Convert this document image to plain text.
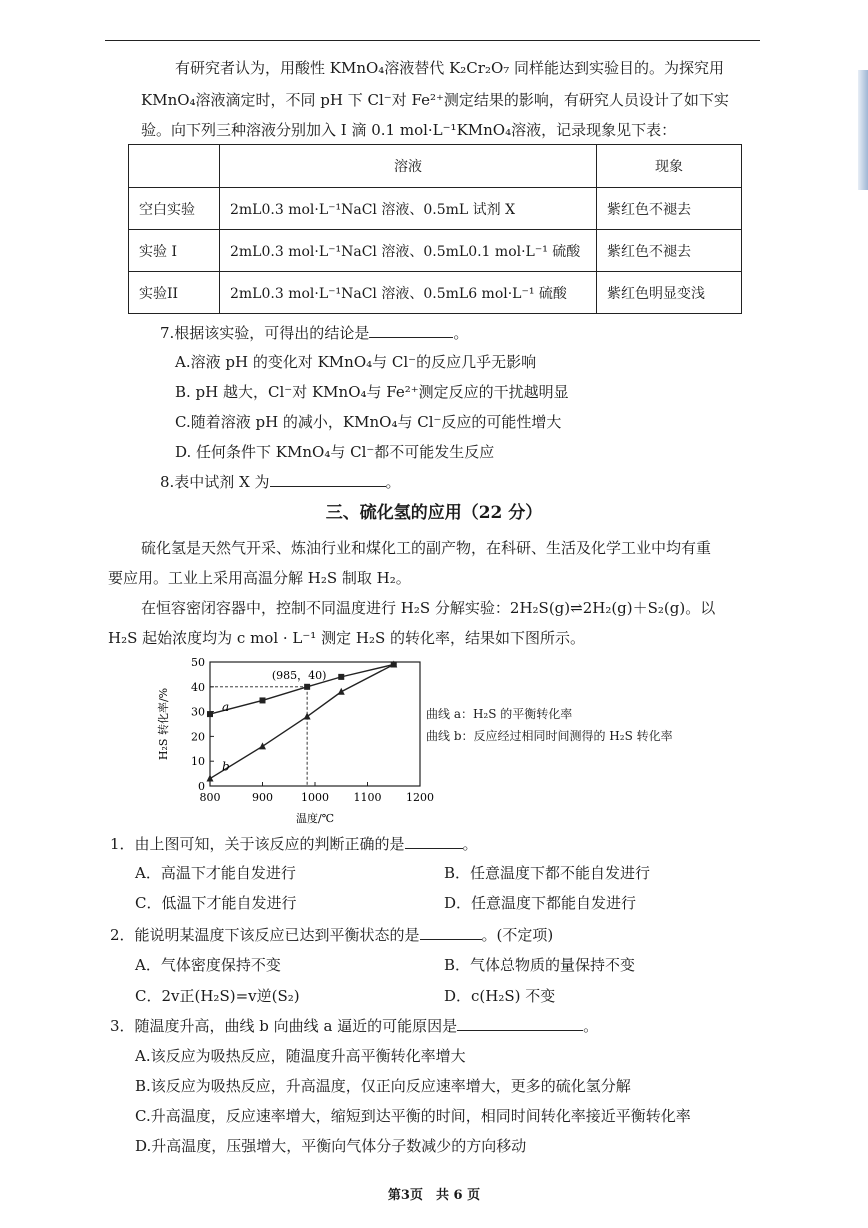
有研究者认为，用酸性 KMnO₄溶液替代 K₂Cr₂O₇ 同样能达到实验目的。为探究用
KMnO₄溶液滴定时，不同 pH 下 Cl⁻对 Fe²⁺测定结果的影响，有研究人员设计了如下实
验。向下列三种溶液分别加入 I 滴 0.1 mol·L⁻¹KMnO₄溶液，记录现象见下表：
	溶液	现象
空白实验	2mL0.3 mol·L⁻¹NaCl 溶液、0.5mL 试剂 X	紫红色不褪去
实验 I	2mL0.3 mol·L⁻¹NaCl 溶液、0.5mL0.1 mol·L⁻¹ 硫酸	紫红色不褪去
实验II	2mL0.3 mol·L⁻¹NaCl 溶液、0.5mL6 mol·L⁻¹ 硫酸	紫红色明显变浅
7.根据该实验，可得出的结论是	。
A.溶液 pH 的变化对 KMnO₄与 Cl⁻的反应几乎无影响
B. pH 越大，Cl⁻对 KMnO₄与 Fe²⁺测定反应的干扰越明显
C.随着溶液 pH 的减小，KMnO₄与 Cl⁻反应的可能性增大
D. 任何条件下 KMnO₄与 Cl⁻都不可能发生反应
8.表中试剂 X 为	。
三、硫化氢的应用（22 分）
硫化氢是天然气开采、炼油行业和煤化工的副产物，在科研、生活及化学工业中均有重
要应用。工业上采用高温分解 H₂S 制取 H₂。
在恒容密闭容器中，控制不同温度进行 H₂S 分解实验：2H₂S(g)⇌2H₂(g)＋S₂(g)。以
H₂S 起始浓度均为 c mol · L⁻¹ 测定 H₂S 的转化率，结果如下图所示。
0
10
20
30
40
50
800	900	1000 1100 1200
a
b
H₂S 转化率/%
温度/℃
(985，40)
曲线 a：H₂S 的平衡转化率
曲线 b：反应经过相同时间测得的 H₂S 转化率
1．由上图可知，关于该反应的判断正确的是	。
A．高温下才能自发进行	B．任意温度下都不能自发进行
C．低温下才能自发进行	D．任意温度下都能自发进行
2．能说明某温度下该反应已达到平衡状态的是	。(不定项)
A．气体密度保持不变	B．气体总物质的量保持不变
C．2v正(H₂S)=v逆(S₂)	D．c(H₂S) 不变
3．随温度升高，曲线 b 向曲线 a 逼近的可能原因是	。
A.该反应为吸热反应，随温度升高平衡转化率增大
B.该反应为吸热反应，升高温度，仅正向反应速率增大，更多的硫化氢分解
C.升高温度，反应速率增大，缩短到达平衡的时间，相同时间转化率接近平衡转化率
D.升高温度，压强增大，平衡向气体分子数减少的方向移动
第3页　共 6 页
